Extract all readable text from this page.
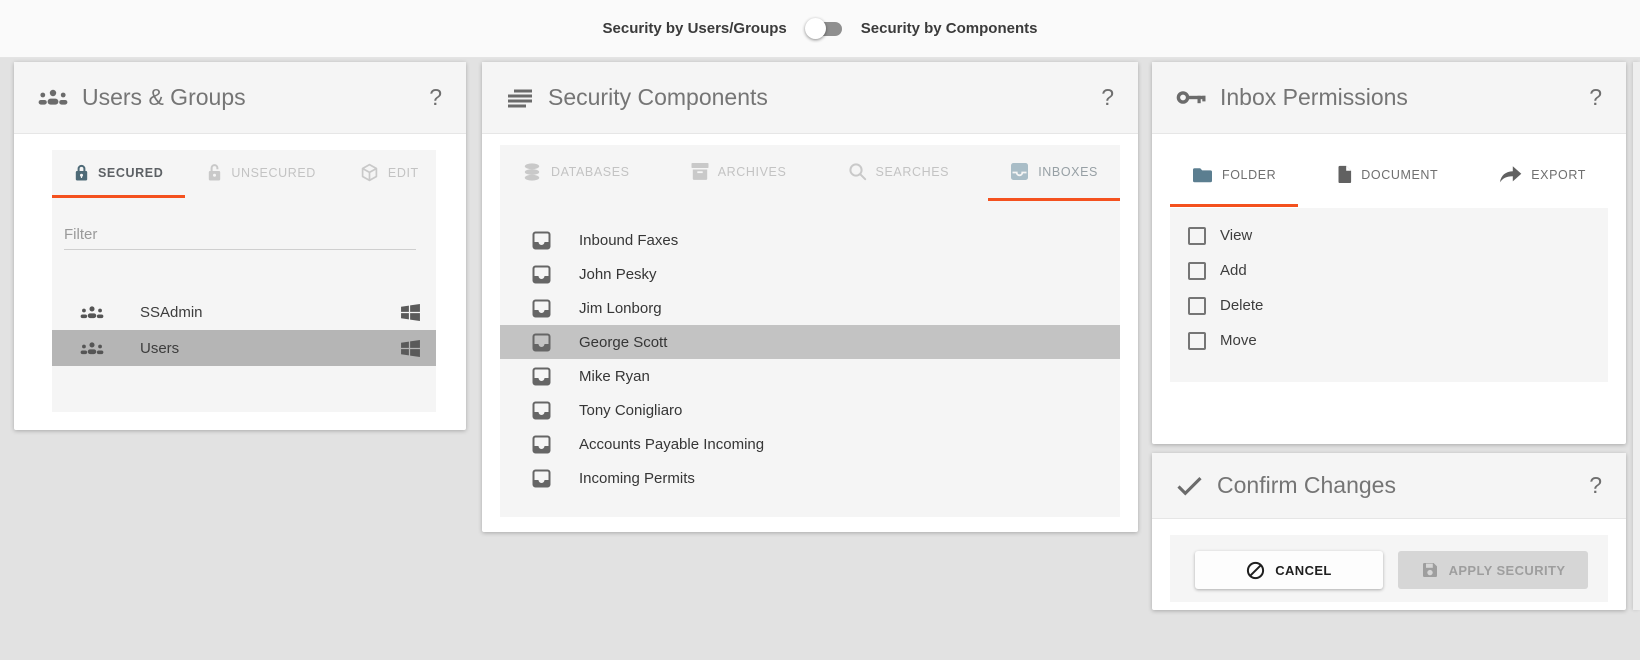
Security by Users/Groups	Security by Components
Users & Groups	?
SECURED	UNSECURED	EDIT
Filter
SSAdmin
Users
Security Components	?
DATABASES	ARCHIVES	SEARCHES	INBOXES
Inbound Faxes
John Pesky
Jim Lonborg
George Scott
Mike Ryan
Tony Conigliaro
Accounts Payable Incoming
Incoming Permits
Inbox Permissions	?
FOLDER	DOCUMENT	EXPORT
View
Add
Delete
Move
Confirm Changes	?
CANCEL	APPLY SECURITY
